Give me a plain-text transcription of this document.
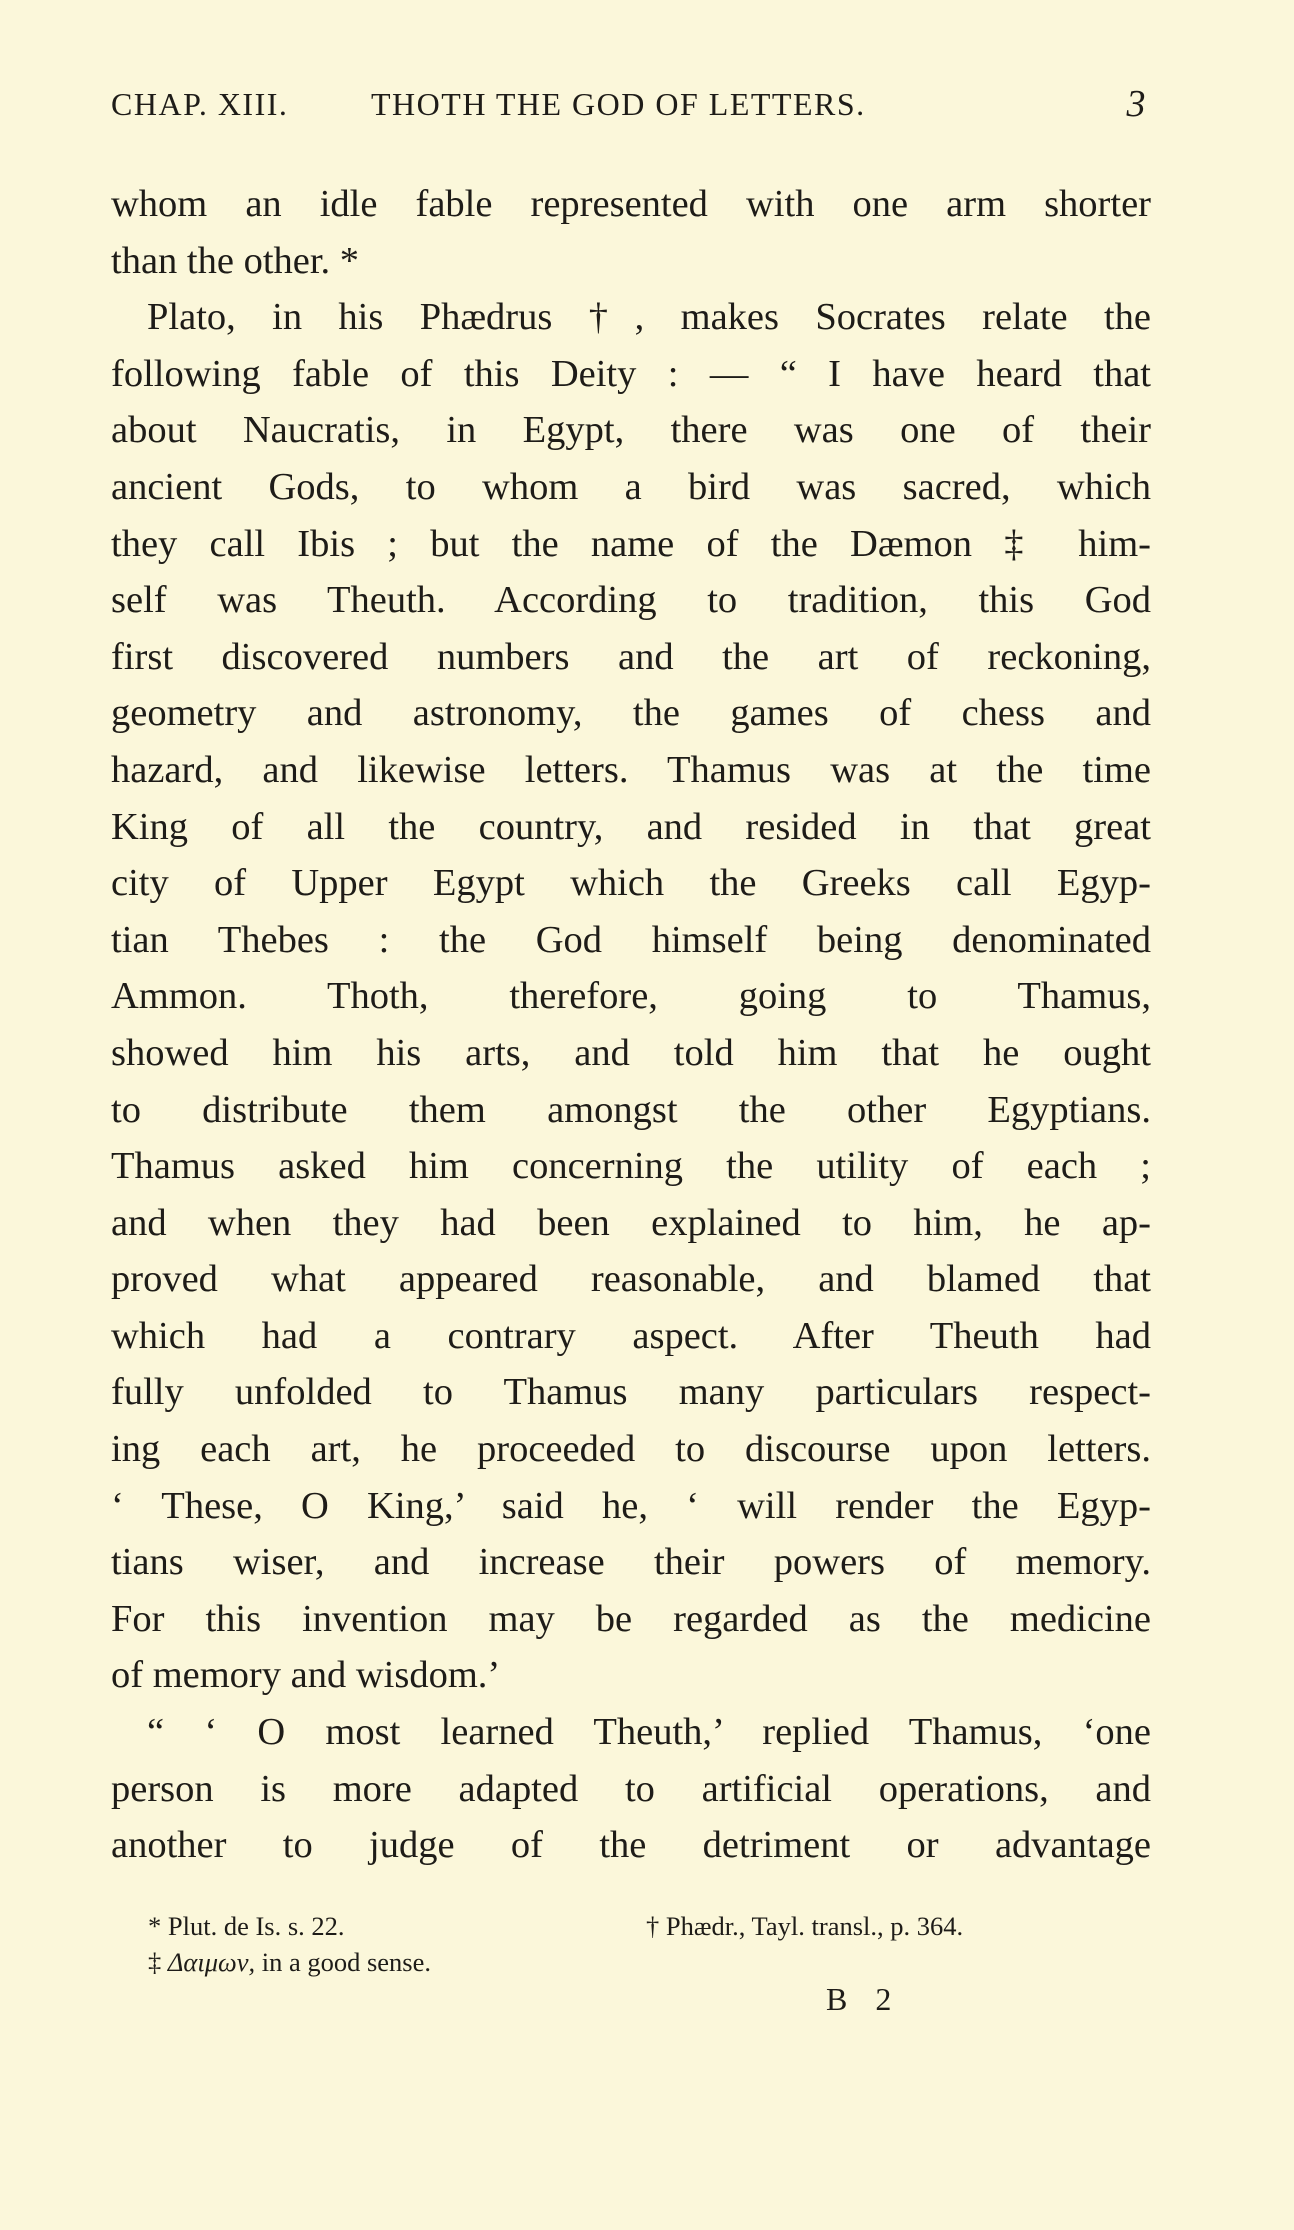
CHAP. XIII.	THOTH THE GOD OF LETTERS.	3
whom an idle fable represented with one arm shorter
than the other. *
Plato, in his Phædrus †, makes Socrates relate the
following fable of this Deity : — “ I have heard that
about Naucratis, in Egypt, there was one of their
ancient Gods, to whom a bird was sacred, which
they call Ibis ; but the name of the Dæmon ‡ him-
self was Theuth. According to tradition, this God
first discovered numbers and the art of reckoning,
geometry and astronomy, the games of chess and
hazard, and likewise letters. Thamus was at the time
King of all the country, and resided in that great
city of Upper Egypt which the Greeks call Egyp-
tian Thebes : the God himself being denominated
Ammon. Thoth, therefore, going to Thamus,
showed him his arts, and told him that he ought
to distribute them amongst the other Egyptians.
Thamus asked him concerning the utility of each ;
and when they had been explained to him, he ap-
proved what appeared reasonable, and blamed that
which had a contrary aspect. After Theuth had
fully unfolded to Thamus many particulars respect-
ing each art, he proceeded to discourse upon letters.
‘ These, O King,’ said he, ‘ will render the Egyp-
tians wiser, and increase their powers of memory.
For this invention may be regarded as the medicine
of memory and wisdom.’
“ ‘ O most learned Theuth,’ replied Thamus, ‘one
person is more adapted to artificial operations, and
another to judge of the detriment or advantage
* Plut. de Is. s. 22.	† Phædr., Tayl. transl., p. 364.
‡ Δαιμων, in a good sense.
B 2
